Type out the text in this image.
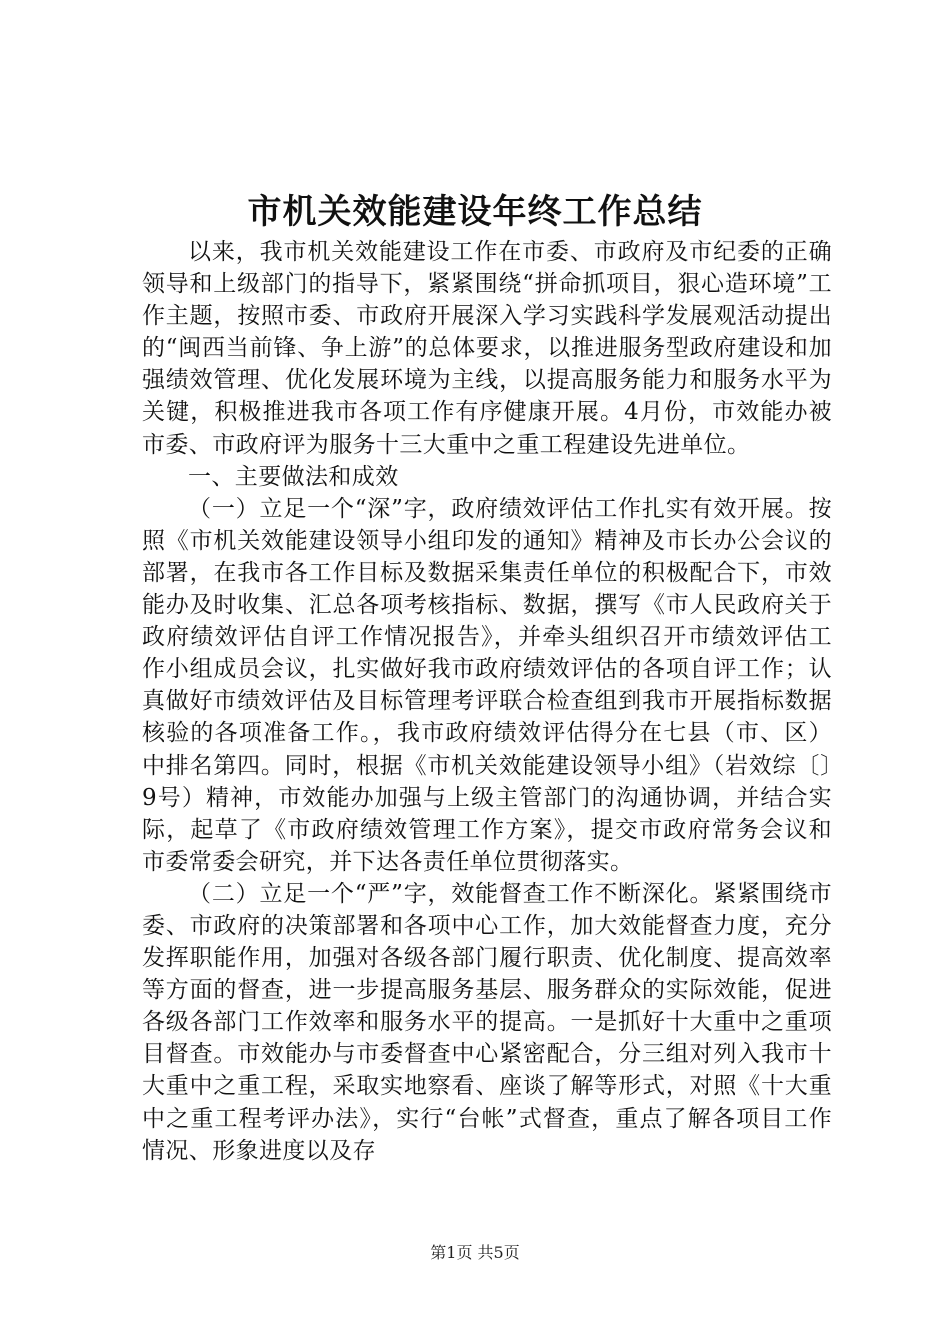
市机关效能建设年终工作总结

以来，我市机关效能建设工作在市委、市政府及市纪委的正确领导和上级部门的指导下，紧紧围绕“拼命抓项目，狠心造环境”工作主题，按照市委、市政府开展深入学习实践科学发展观活动提出的“闽西当前锋、争上游”的总体要求，以推进服务型政府建设和加强绩效管理、优化发展环境为主线，以提高服务能力和服务水平为关键，积极推进我市各项工作有序健康开展。4月份，市效能办被市委、市政府评为服务十三大重中之重工程建设先进单位。

一、主要做法和成效

（一）立足一个“深”字，政府绩效评估工作扎实有效开展。按照《市机关效能建设领导小组印发的通知》精神及市长办公会议的部署，在我市各工作目标及数据采集责任单位的积极配合下，市效能办及时收集、汇总各项考核指标、数据，撰写《市人民政府关于政府绩效评估自评工作情况报告》，并牵头组织召开市绩效评估工作小组成员会议，扎实做好我市政府绩效评估的各项自评工作；认真做好市绩效评估及目标管理考评联合检查组到我市开展指标数据核验的各项准备工作。，我市政府绩效评估得分在七县（市、区）中排名第四。同时，根据《市机关效能建设领导小组》（岩效综〔〕9号）精神，市效能办加强与上级主管部门的沟通协调，并结合实际，起草了《市政府绩效管理工作方案》，提交市政府常务会议和市委常委会研究，并下达各责任单位贯彻落实。

（二）立足一个“严”字，效能督查工作不断深化。紧紧围绕市委、市政府的决策部署和各项中心工作，加大效能督查力度，充分发挥职能作用，加强对各级各部门履行职责、优化制度、提高效率等方面的督查，进一步提高服务基层、服务群众的实际效能，促进各级各部门工作效率和服务水平的提高。一是抓好十大重中之重项目督查。市效能办与市委督查中心紧密配合，分三组对列入我市十大重中之重工程，采取实地察看、座谈了解等形式，对照《十大重中之重工程考评办法》，实行“台帐”式督查，重点了解各项目工作情况、形象进度以及存

第1页 共5页
